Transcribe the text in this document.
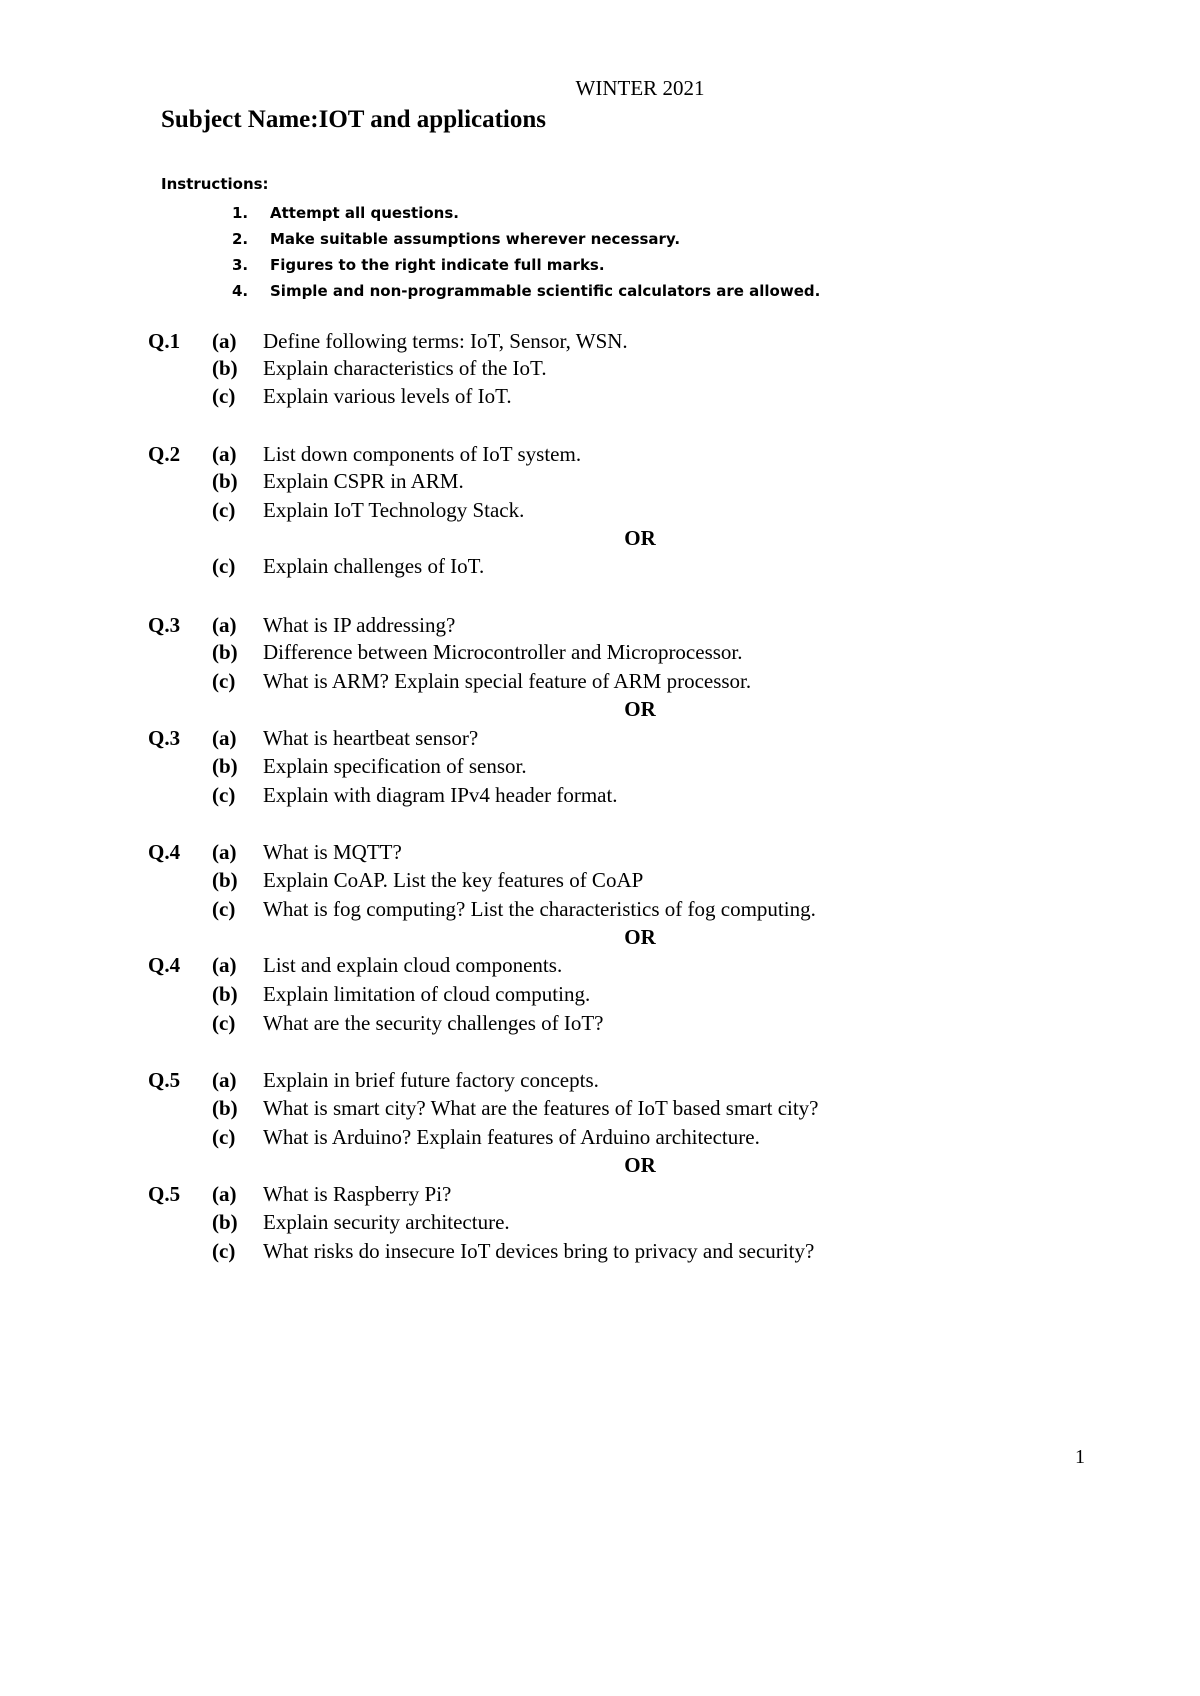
WINTER 2021
Subject Name:IOT and applications
Instructions:
1. Attempt all questions.
2. Make suitable assumptions wherever necessary.
3. Figures to the right indicate full marks.
4. Simple and non-programmable scientific calculators are allowed.
Q.1 (a) Define following terms: IoT, Sensor, WSN.
(b) Explain characteristics of the IoT.
(c) Explain various levels of IoT.
Q.2 (a) List down components of IoT system.
(b) Explain CSPR in ARM.
(c) Explain IoT Technology Stack.
OR
(c) Explain challenges of IoT.
Q.3 (a) What is IP addressing?
(b) Difference between Microcontroller and Microprocessor.
(c) What is ARM? Explain special feature of ARM processor.
OR
Q.3 (a) What is heartbeat sensor?
(b) Explain specification of sensor.
(c) Explain with diagram IPv4 header format.
Q.4 (a) What is MQTT?
(b) Explain CoAP. List the key features of CoAP
(c) What is fog computing? List the characteristics of fog computing.
OR
Q.4 (a) List and explain cloud components.
(b) Explain limitation of cloud computing.
(c) What are the security challenges of IoT?
Q.5 (a) Explain in brief future factory concepts.
(b) What is smart city? What are the features of IoT based smart city?
(c) What is Arduino? Explain features of Arduino architecture.
OR
Q.5 (a) What is Raspberry Pi?
(b) Explain security architecture.
(c) What risks do insecure IoT devices bring to privacy and security?
1
